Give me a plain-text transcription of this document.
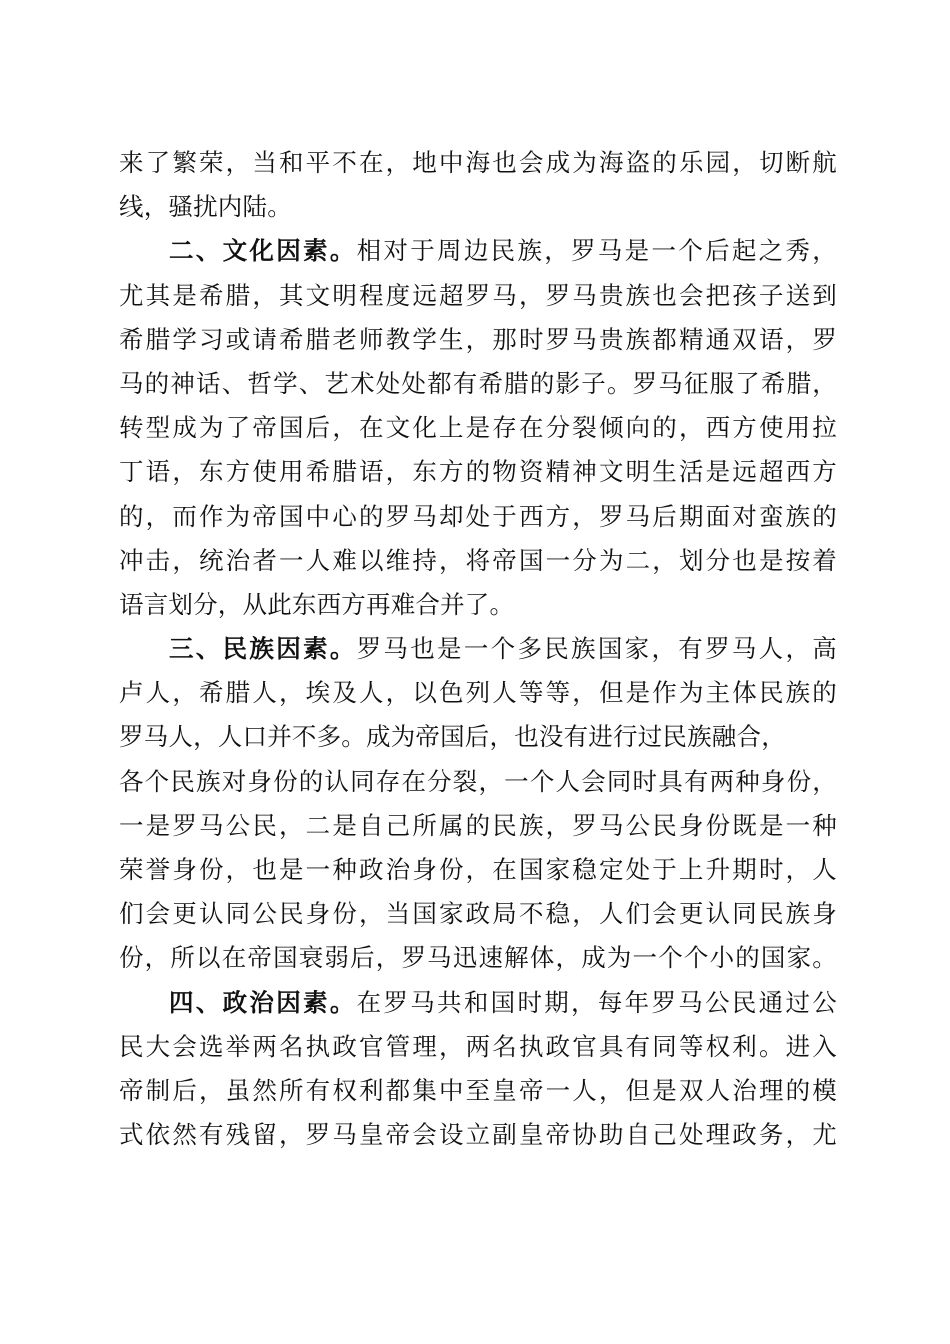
来了繁荣，当和平不在，地中海也会成为海盗的乐园，切断航
线，骚扰内陆。
二、文化因素。相对于周边民族，罗马是一个后起之秀，
尤其是希腊，其文明程度远超罗马，罗马贵族也会把孩子送到
希腊学习或请希腊老师教学生，那时罗马贵族都精通双语，罗
马的神话、哲学、艺术处处都有希腊的影子。罗马征服了希腊，
转型成为了帝国后，在文化上是存在分裂倾向的，西方使用拉
丁语，东方使用希腊语，东方的物资精神文明生活是远超西方
的，而作为帝国中心的罗马却处于西方，罗马后期面对蛮族的
冲击，统治者一人难以维持，将帝国一分为二，划分也是按着
语言划分，从此东西方再难合并了。
三、民族因素。罗马也是一个多民族国家，有罗马人，高
卢人，希腊人，埃及人，以色列人等等，但是作为主体民族的
罗马人，人口并不多。成为帝国后，也没有进行过民族融合，
各个民族对身份的认同存在分裂，一个人会同时具有两种身份，
一是罗马公民，二是自己所属的民族，罗马公民身份既是一种
荣誉身份，也是一种政治身份，在国家稳定处于上升期时，人
们会更认同公民身份，当国家政局不稳，人们会更认同民族身
份，所以在帝国衰弱后，罗马迅速解体，成为一个个小的国家。
四、政治因素。在罗马共和国时期，每年罗马公民通过公
民大会选举两名执政官管理，两名执政官具有同等权利。进入
帝制后，虽然所有权利都集中至皇帝一人，但是双人治理的模
式依然有残留，罗马皇帝会设立副皇帝协助自己处理政务，尤
